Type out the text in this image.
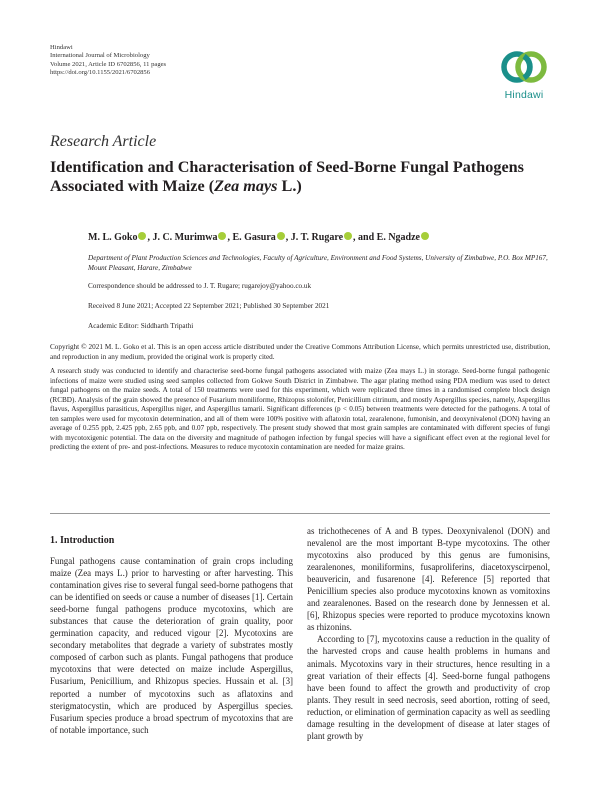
Hindawi
International Journal of Microbiology
Volume 2021, Article ID 6702856, 11 pages
https://doi.org/10.1155/2021/6702856
Hindawi
Research Article
Identification and Characterisation of Seed-Borne Fungal Pathogens Associated with Maize (Zea mays L.)
M. L. Goko , J. C. Murimwa , E. Gasura , J. T. Rugare , and E. Ngadze
Department of Plant Production Sciences and Technologies, Faculty of Agriculture, Environment and Food Systems, University of Zimbabwe, P.O. Box MP167, Mount Pleasant, Harare, Zimbabwe
Correspondence should be addressed to J. T. Rugare; rugarejoy@yahoo.co.uk
Received 8 June 2021; Accepted 22 September 2021; Published 30 September 2021
Academic Editor: Siddharth Tripathi
Copyright © 2021 M. L. Goko et al. This is an open access article distributed under the Creative Commons Attribution License, which permits unrestricted use, distribution, and reproduction in any medium, provided the original work is properly cited.
A research study was conducted to identify and characterise seed-borne fungal pathogens associated with maize (Zea mays L.) in storage. Seed-borne fungal pathogenic infections of maize were studied using seed samples collected from Gokwe South District in Zimbabwe. The agar plating method using PDA medium was used to detect fungal pathogens on the maize seeds. A total of 150 treatments were used for this experiment, which were replicated three times in a randomised complete block design (RCBD). Analysis of the grain showed the presence of Fusarium moniliforme, Rhizopus stolonifer, Penicillium citrinum, and mostly Aspergillus species, namely, Aspergillus flavus, Aspergillus parasiticus, Aspergillus niger, and Aspergillus tamarii. Significant differences (p < 0.05) between treatments were detected for the pathogens. A total of ten samples were used for mycotoxin determination, and all of them were 100% positive with aflatoxin total, zearalenone, fumonisin, and deoxynivalenol (DON) having an average of 0.255 ppb, 2.425 ppb, 2.65 ppb, and 0.07 ppb, respectively. The present study showed that most grain samples are contaminated with different species of fungi with mycotoxigenic potential. The data on the diversity and magnitude of pathogen infection by fungal species will have a significant effect even at the regional level for predicting the extent of pre- and post-infections. Measures to reduce mycotoxin contamination are needed for maize grains.
1. Introduction

Fungal pathogens cause contamination of grain crops including maize (Zea mays L.) prior to harvesting or after harvesting. This contamination gives rise to several fungal seed-borne pathogens that can be identified on seeds or cause a number of diseases [1]. Certain seed-borne fungal pathogens produce mycotoxins, which are substances that cause the deterioration of grain quality, poor germination capacity, and reduced vigour [2]. Mycotoxins are secondary metabolites that degrade a variety of substrates mostly composed of carbon such as plants. Fungal pathogens that produce mycotoxins that were detected on maize include Aspergillus, Fusarium, Penicillium, and Rhizopus species. Hussain et al. [3] reported a number of mycotoxins such as aflatoxins and sterigmatocystin, which are produced by Aspergillus species. Fusarium species produce a broad spectrum of mycotoxins that are of notable importance, such

as trichothecenes of A and B types. Deoxynivalenol (DON) and nevalenol are the most important B-type mycotoxins. The other mycotoxins also produced by this genus are fumonisins, zearalenones, moniliformins, fusaproliferins, diacetoxyscirpenol, beauvericin, and fusarenone [4]. Reference [5] reported that Penicillium species also produce mycotoxins known as vomitoxins and zearalenones. Based on the research done by Jennessen et al. [6], Rhizopus species were reported to produce mycotoxins known as rhizonins.

According to [7], mycotoxins cause a reduction in the quality of the harvested crops and cause health problems in humans and animals. Mycotoxins vary in their structures, hence resulting in a great variation of their effects [4]. Seed-borne fungal pathogens have been found to affect the growth and productivity of crop plants. They result in seed necrosis, seed abortion, rotting of seed, reduction, or elimination of germination capacity as well as seedling damage resulting in the development of disease at later stages of plant growth by
